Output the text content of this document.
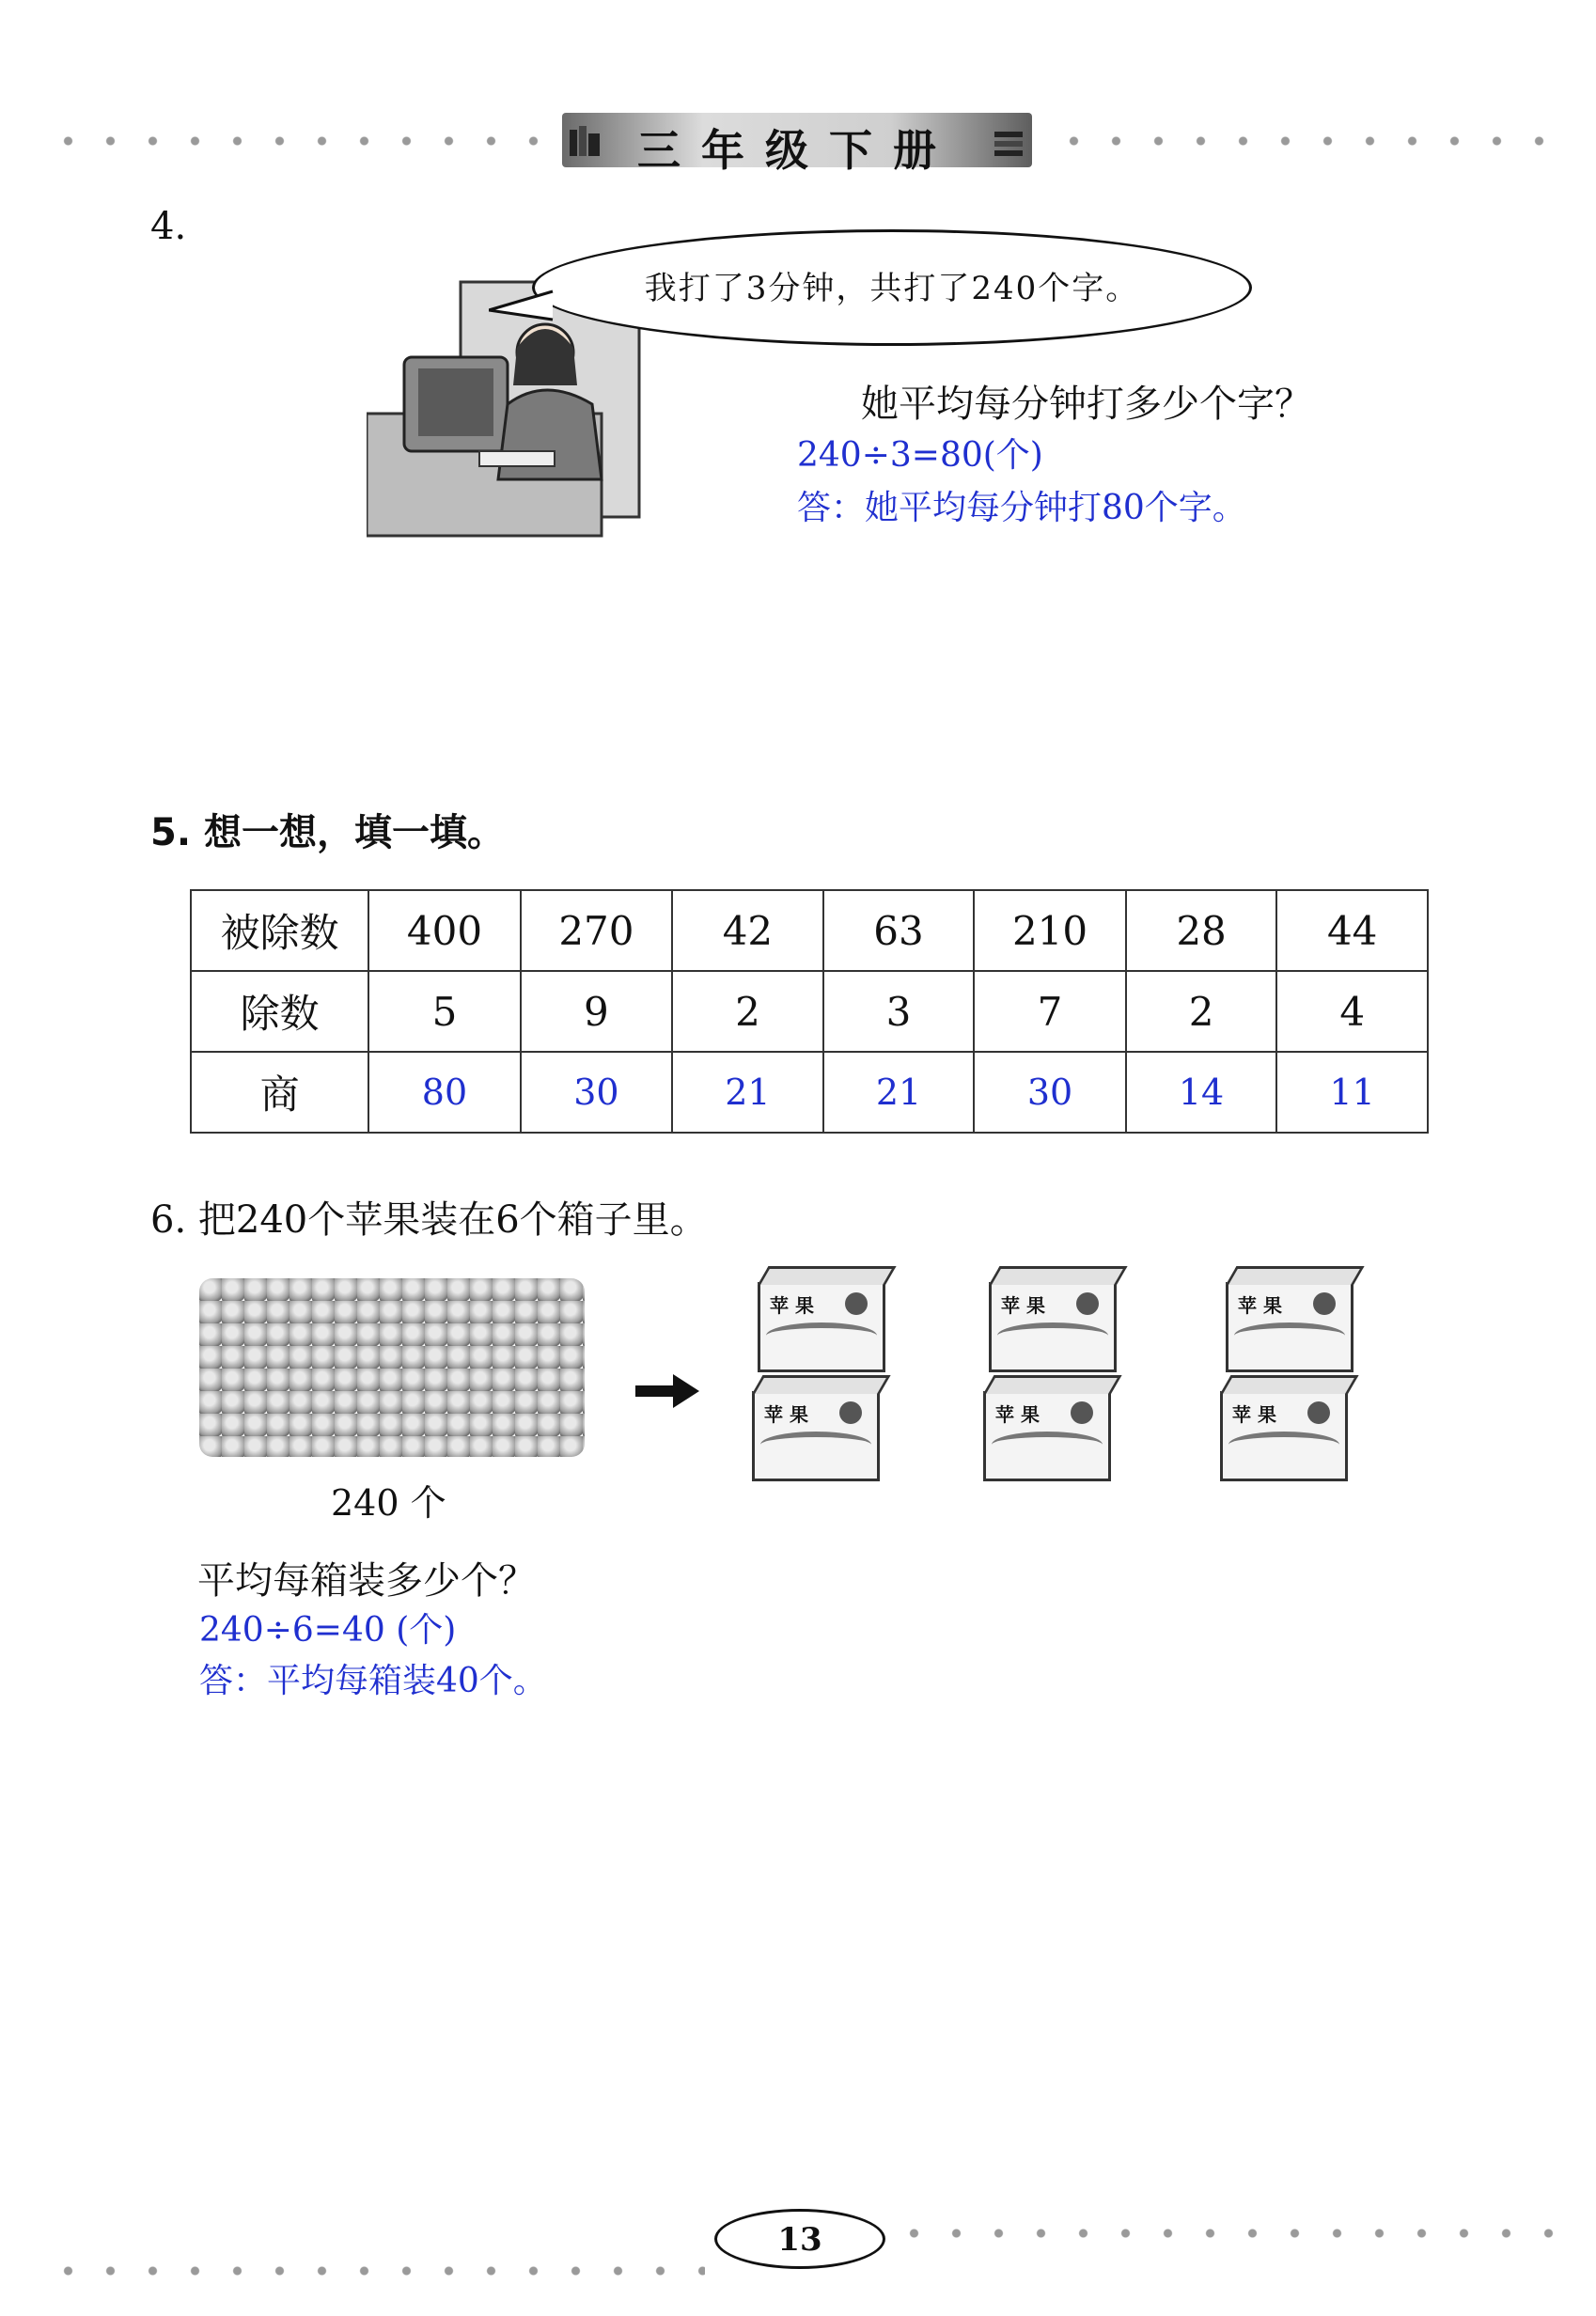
三年级下册
4.
我打了3分钟，共打了240个字。
她平均每分钟打多少个字？
240÷3=80(个)
答：她平均每分钟打80个字。
5. 想一想，填一填。
被除数	400	270	42	63	210	28	44
除数	5	9	2	3	7	2	4
商	80	30	21	21	30	14	11
6. 把240个苹果装在6个箱子里。
240 个
苹 果	苹 果	苹 果
苹 果	苹 果	苹 果
平均每箱装多少个？
240÷6=40 (个)
答：平均每箱装40个。
13
